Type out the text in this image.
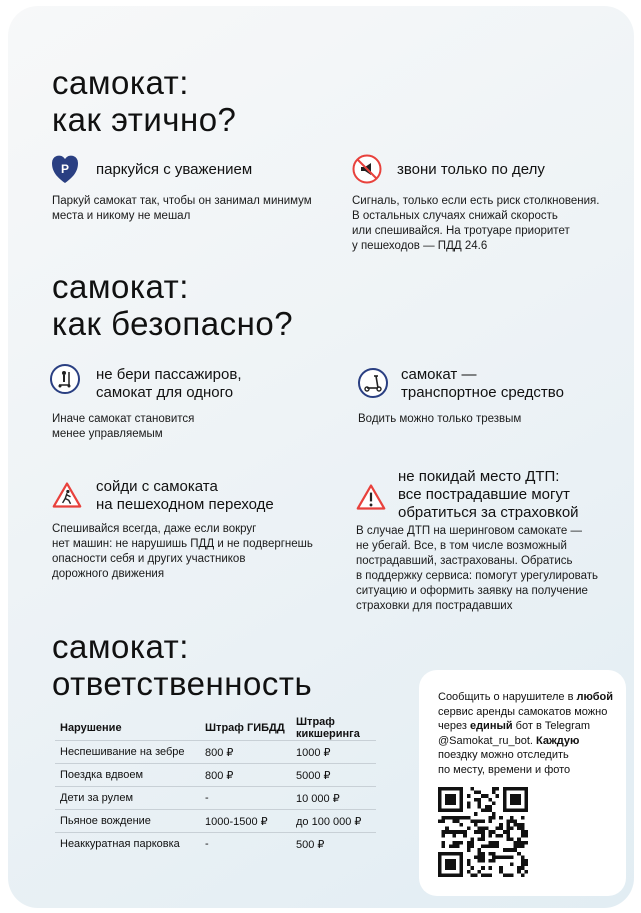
самокат:
как этично?
P паркуйся с уважением
Паркуй самокат так, чтобы он занимал минимум
места и никому не мешал
звони только по делу
Сигналь, только если есть риск столкновения.
В остальных случаях снижай скорость
или спешивайся. На тротуаре приоритет
у пешеходов — ПДД 24.6
самокат:
как безопасно?
не бери пассажиров,
самокат для одного
Иначе самокат становится
менее управляемым
самокат —
транспортное средство
Водить можно только трезвым
сойди с самоката
на пешеходном переходе
Спешивайся всегда, даже если вокруг
нет машин: не нарушишь ПДД и не подвергнешь
опасности себя и других участников
дорожного движения
не покидай место ДТП:
все пострадавшие могут
обратиться за страховкой
В случае ДТП на шеринговом самокате —
не убегай. Все, в том числе возможный
пострадавший, застрахованы. Обратись
в поддержку сервиса: помогут урегулировать
ситуацию и оформить заявку на получение
страховки для пострадавших
самокат:
ответственность
Нарушение	Штраф ГИБДД	Штраф кикшеринга	
Неспешивание на зебре	800 ₽	1000 ₽	
Поездка вдвоем	800 ₽	5000 ₽	
Дети за рулем	-	10 000 ₽	
Пьяное вождение	1000-1500 ₽	до 100 000 ₽	
Неаккуратная парковка	-	500 ₽	
Сообщить о нарушителе в любой
сервис аренды самокатов можно
через единый бот в Telegram
@Samokat_ru_bot. Каждую
поездку можно отследить
по месту, времени и фото
